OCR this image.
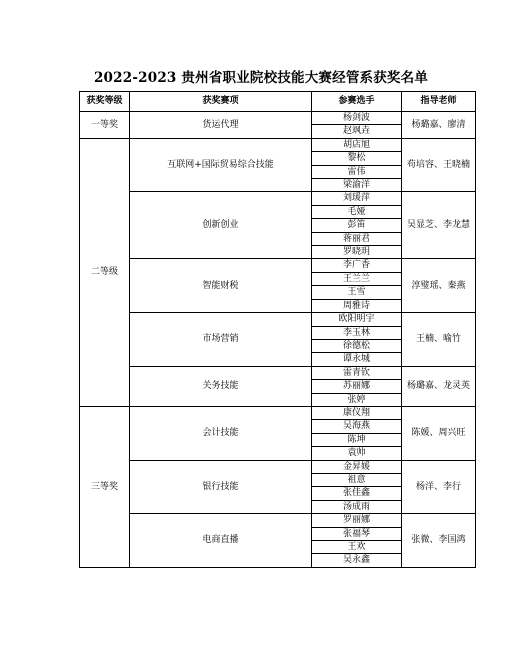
2022-2023 贵州省职业院校技能大赛经管系获奖名单
获奖等级	获奖赛项	参赛选手	指导老师
一等奖	货运代理	杨剑波	杨璐嘉、廖清
		赵飒垚	
二等级	互联网+国际贸易综合技能	胡店旭	苟培容、王晓楠
		黎松	
		雷伟	
		梁渝洋	
	创新创业	刘瑗萍	吴显芝、李龙慧
		毛娅	
		彭笛	
		蒋丽君	
		罗晓玥	
	智能财税	李广香	淳璧瑶、秦燕
		王兰兰	
		王雪	
		周雅诗	
	市场营销	欧阳明宇	王楠、喻竹
		李玉林	
		徐德松	
		谭永城	
	关务技能	雷青钦	杨璐嘉、龙灵英
		苏丽娜	
		张婷	
三等奖	会计技能	康仪翔	陈媛、周兴旺
		吴海燕	
		陈坤	
		袁帅	
	银行技能	金昇媛	杨洋、李行
		祖意	
		张佳鑫	
		汤成雨	
	电商直播	罗丽娜	张微、李国鸿
		张福琴	
		王欢	
		吴永鑫	
